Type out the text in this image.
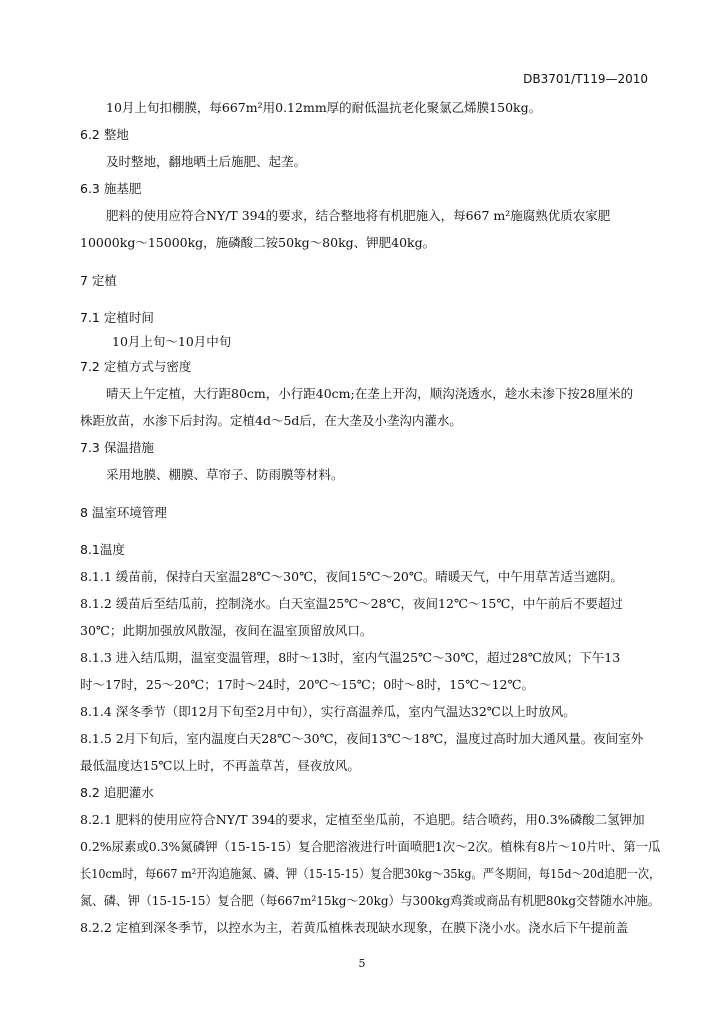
DB3701/T119—2010
10月上旬扣棚膜，每667m²用0.12mm厚的耐低温抗老化聚氯乙烯膜150kg。
6.2 整地
及时整地，翻地晒土后施肥、起垄。
6.3 施基肥
肥料的使用应符合NY/T 394的要求，结合整地将有机肥施入，每667 m²施腐熟优质农家肥
10000kg～15000kg，施磷酸二铵50kg～80kg、钾肥40kg。
7 定植
7.1 定植时间
10月上旬～10月中旬
7.2 定植方式与密度
晴天上午定植，大行距80cm，小行距40cm;在垄上开沟，顺沟浇透水，趁水未渗下按28厘米的
株距放苗，水渗下后封沟。定植4d～5d后，在大垄及小垄沟内灌水。
7.3 保温措施
采用地膜、棚膜、草帘子、防雨膜等材料。
8 温室环境管理
8.1温度
8.1.1 缓苗前，保持白天室温28℃～30℃，夜间15℃～20℃。晴暖天气，中午用草苫适当遮阴。
8.1.2 缓苗后至结瓜前，控制浇水。白天室温25℃～28℃，夜间12℃～15℃，中午前后不要超过
30℃；此期加强放风散湿，夜间在温室顶留放风口。
8.1.3 进入结瓜期，温室变温管理，8时～13时，室内气温25℃～30℃，超过28℃放风；下午13
时～17时，25～20℃；17时～24时，20℃～15℃；0时～8时，15℃～12℃。
8.1.4 深冬季节（即12月下旬至2月中旬），实行高温养瓜，室内气温达32℃以上时放风。
8.1.5 2月下旬后，室内温度白天28℃～30℃，夜间13℃～18℃，温度过高时加大通风量。夜间室外
最低温度达15℃以上时，不再盖草苫，昼夜放风。
8.2 追肥灌水
8.2.1 肥料的使用应符合NY/T 394的要求，定植至坐瓜前，不追肥。结合喷药，用0.3%磷酸二氢钾加
0.2%尿素或0.3%氮磷钾（15-15-15）复合肥溶液进行叶面喷肥1次～2次。植株有8片～10片叶、第一瓜
长10cm时，每667 m²开沟追施氮、磷、钾（15-15-15）复合肥30kg～35kg。严冬期间，每15d～20d追肥一次，
氮、磷、钾（15-15-15）复合肥（每667m²15kg～20kg）与300kg鸡粪或商品有机肥80kg交替随水冲施。
8.2.2 定植到深冬季节，以控水为主，若黄瓜植株表现缺水现象，在膜下浇小水。浇水后下午提前盖
5
